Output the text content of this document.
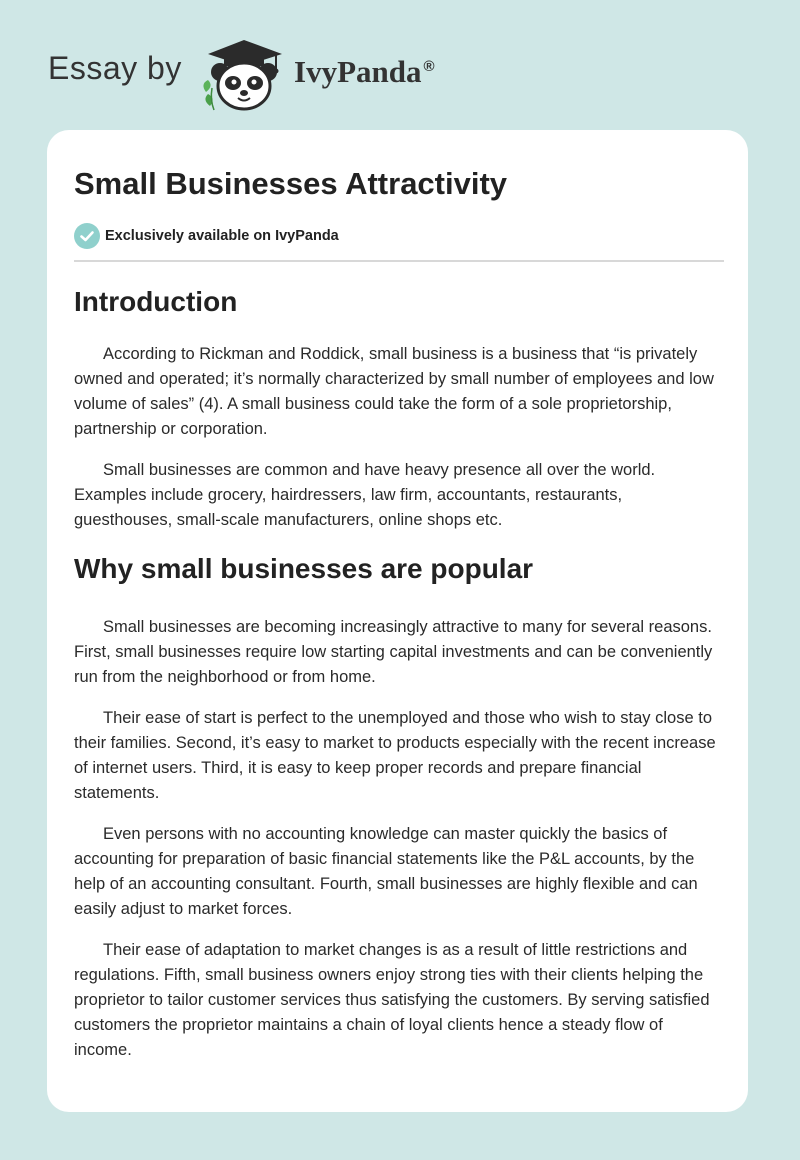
Essay by	IvyPanda ®
Small Businesses Attractivity
Exclusively available on IvyPanda
Introduction

According to Rickman and Roddick, small business is a business that “is privately owned and operated; it’s normally characterized by small number of employees and low volume of sales” (4). A small business could take the form of a sole proprietorship, partnership or corporation.

Small businesses are common and have heavy presence all over the world. Examples include grocery, hairdressers, law firm, accountants, restaurants, guesthouses, small-scale manufacturers, online shops etc.

Why small businesses are popular

Small businesses are becoming increasingly attractive to many for several reasons. First, small businesses require low starting capital investments and can be conveniently run from the neighborhood or from home.

Their ease of start is perfect to the unemployed and those who wish to stay close to their families. Second, it’s easy to market to products especially with the recent increase of internet users. Third, it is easy to keep proper records and prepare financial statements.

Even persons with no accounting knowledge can master quickly the basics of accounting for preparation of basic financial statements like the P&L accounts, by the help of an accounting consultant. Fourth, small businesses are highly flexible and can easily adjust to market forces.

Their ease of adaptation to market changes is as a result of little restrictions and regulations. Fifth, small business owners enjoy strong ties with their clients helping the proprietor to tailor customer services thus satisfying the customers. By serving satisfied customers the proprietor maintains a chain of loyal clients hence a steady flow of income.
